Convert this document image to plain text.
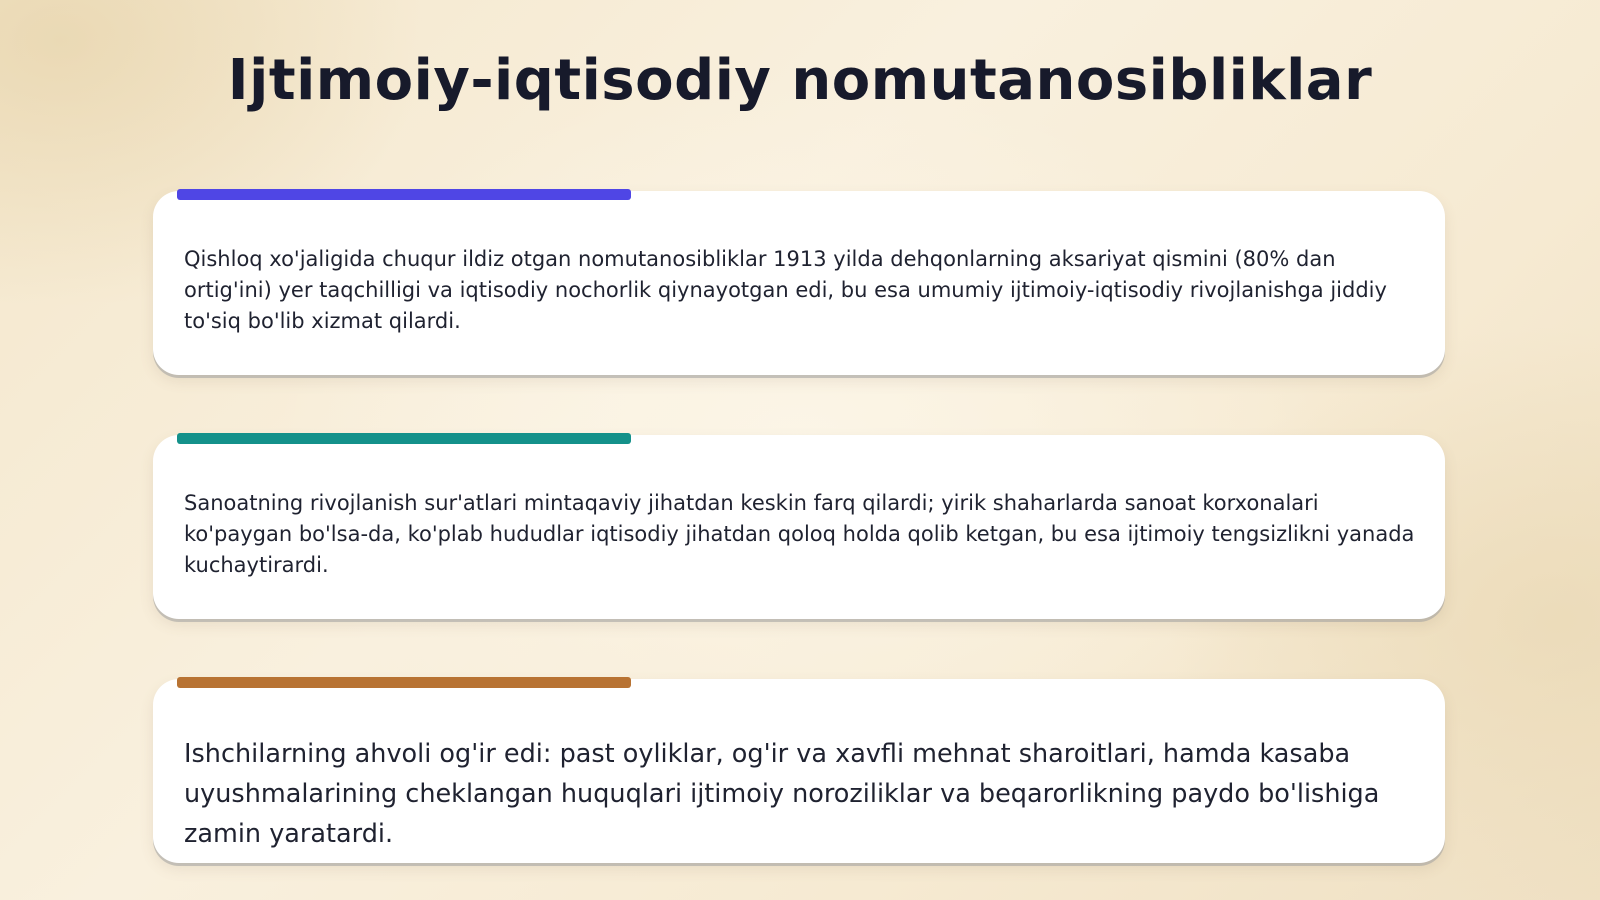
Ijtimoiy-iqtisodiy nomutanosibliklar

Qishloq xo'jaligida chuqur ildiz otgan nomutanosibliklar 1913 yilda dehqonlarning aksariyat qismini (80% dan ortig'ini) yer taqchilligi va iqtisodiy nochorlik qiynayotgan edi, bu esa umumiy ijtimoiy-iqtisodiy rivojlanishga jiddiy to'siq bo'lib xizmat qilardi.

Sanoatning rivojlanish sur'atlari mintaqaviy jihatdan keskin farq qilardi; yirik shaharlarda sanoat korxonalari ko'paygan bo'lsa-da, ko'plab hududlar iqtisodiy jihatdan qoloq holda qolib ketgan, bu esa ijtimoiy tengsizlikni yanada kuchaytirardi.

Ishchilarning ahvoli og'ir edi: past oyliklar, og'ir va xavfli mehnat sharoitlari, hamda kasaba uyushmalarining cheklangan huquqlari ijtimoiy noroziliklar va beqarorlikning paydo bo'lishiga zamin yaratardi.
